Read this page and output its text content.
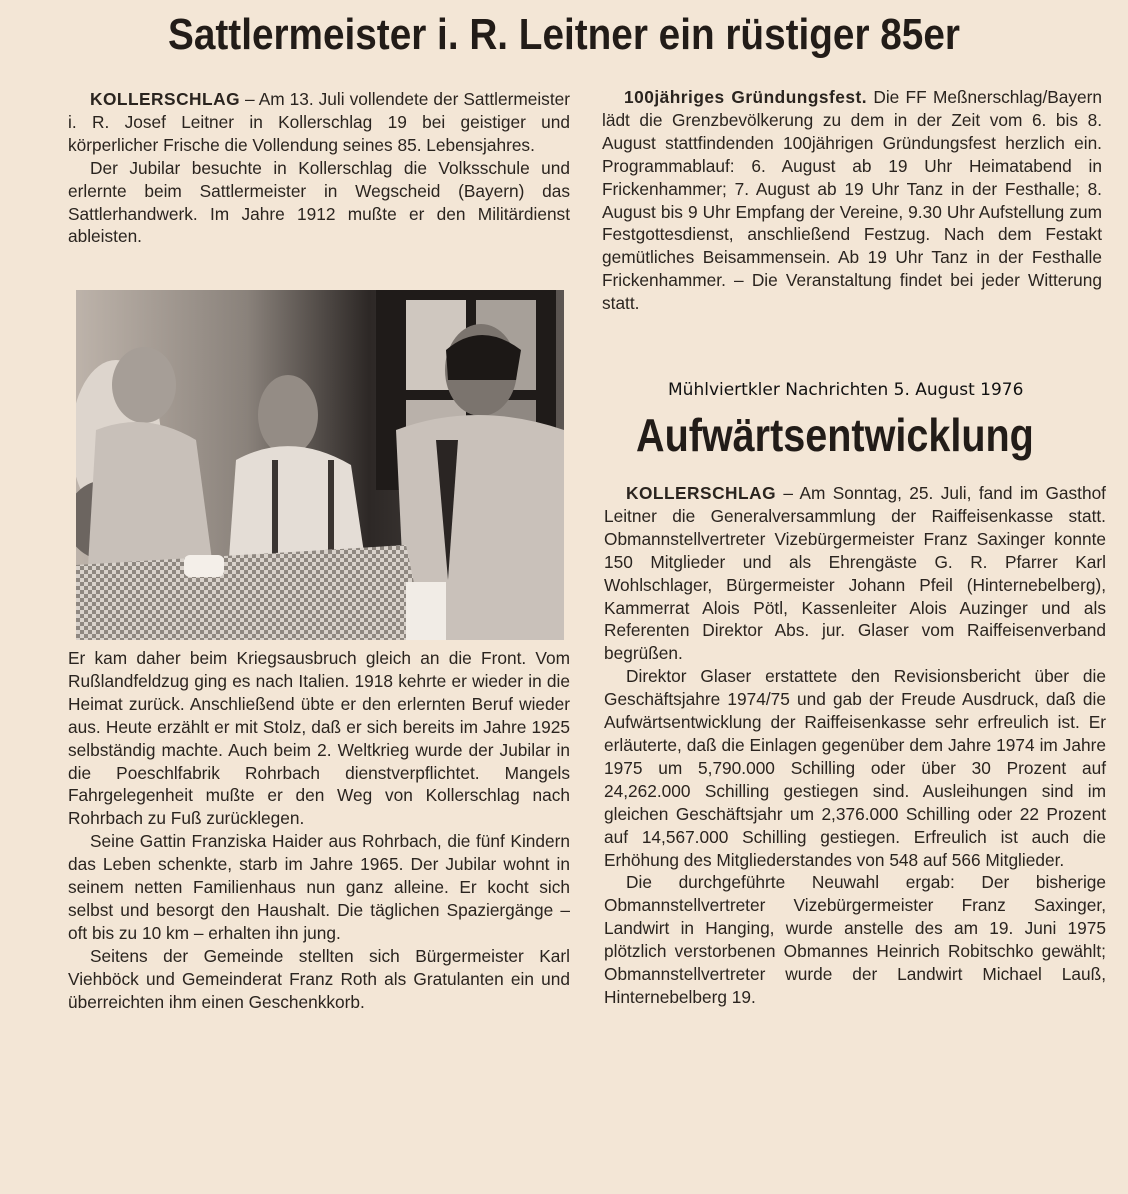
Sattlermeister i. R. Leitner ein rüstiger 85er

KOLLERSCHLAG – Am 13. Juli vollendete der Sattlermeister i. R. Josef Leitner in Kollerschlag 19 bei geistiger und körperlicher Frische die Vollendung seines 85. Lebensjahres.

Der Jubilar besuchte in Kollerschlag die Volksschule und erlernte beim Sattlermeister in Wegscheid (Bayern) das Sattlerhandwerk. Im Jahre 1912 mußte er den Militärdienst ableisten.

Er kam daher beim Kriegsausbruch gleich an die Front. Vom Rußlandfeldzug ging es nach Italien. 1918 kehrte er wieder in die Heimat zurück. Anschließend übte er den erlernten Beruf wieder aus. Heute erzählt er mit Stolz, daß er sich bereits im Jahre 1925 selbständig machte. Auch beim 2. Weltkrieg wurde der Jubilar in die Poeschlfabrik Rohrbach dienstverpflichtet. Mangels Fahrgelegenheit mußte er den Weg von Kollerschlag nach Rohrbach zu Fuß zurücklegen.

Seine Gattin Franziska Haider aus Rohrbach, die fünf Kindern das Leben schenkte, starb im Jahre 1965. Der Jubilar wohnt in seinem netten Familienhaus nun ganz alleine. Er kocht sich selbst und besorgt den Haushalt. Die täglichen Spaziergänge – oft bis zu 10 km – erhalten ihn jung.

Seitens der Gemeinde stellten sich Bürgermeister Karl Viehböck und Gemeinderat Franz Roth als Gratulanten ein und überreichten ihm einen Geschenkkorb.

100jähriges Gründungsfest. Die FF Meßnerschlag/Bayern lädt die Grenzbevölkerung zu dem in der Zeit vom 6. bis 8. August stattfindenden 100jährigen Gründungsfest herzlich ein. Programmablauf: 6. August ab 19 Uhr Heimatabend in Frickenhammer; 7. August ab 19 Uhr Tanz in der Festhalle; 8. August bis 9 Uhr Empfang der Vereine, 9.30 Uhr Aufstellung zum Festgottesdienst, anschließend Festzug. Nach dem Festakt gemütliches Beisammensein. Ab 19 Uhr Tanz in der Festhalle Frickenhammer. – Die Veranstaltung findet bei jeder Witterung statt.

Mühlviertkler Nachrichten 5. August 1976
Aufwärtsentwicklung

KOLLERSCHLAG – Am Sonntag, 25. Juli, fand im Gasthof Leitner die Generalversammlung der Raiffeisenkasse statt. Obmannstellvertreter Vizebürgermeister Franz Saxinger konnte 150 Mitglieder und als Ehrengäste G. R. Pfarrer Karl Wohlschlager, Bürgermeister Johann Pfeil (Hinternebelberg), Kammerrat Alois Pötl, Kassenleiter Alois Auzinger und als Referenten Direktor Abs. jur. Glaser vom Raiffeisenverband begrüßen.

Direktor Glaser erstattete den Revisionsbericht über die Geschäftsjahre 1974/75 und gab der Freude Ausdruck, daß die Aufwärtsentwicklung der Raiffeisenkasse sehr erfreulich ist. Er erläuterte, daß die Einlagen gegenüber dem Jahre 1974 im Jahre 1975 um 5,790.000 Schilling oder über 30 Prozent auf 24,262.000 Schilling gestiegen sind. Ausleihungen sind im gleichen Geschäftsjahr um 2,376.000 Schilling oder 22 Prozent auf 14,567.000 Schilling gestiegen. Erfreulich ist auch die Erhöhung des Mitgliederstandes von 548 auf 566 Mitglieder.

Die durchgeführte Neuwahl ergab: Der bisherige Obmannstellvertreter Vizebürgermeister Franz Saxinger, Landwirt in Hanging, wurde anstelle des am 19. Juni 1975 plötzlich verstorbenen Obmannes Heinrich Robitschko gewählt; Obmannstellvertreter wurde der Landwirt Michael Lauß, Hinternebelberg 19.
